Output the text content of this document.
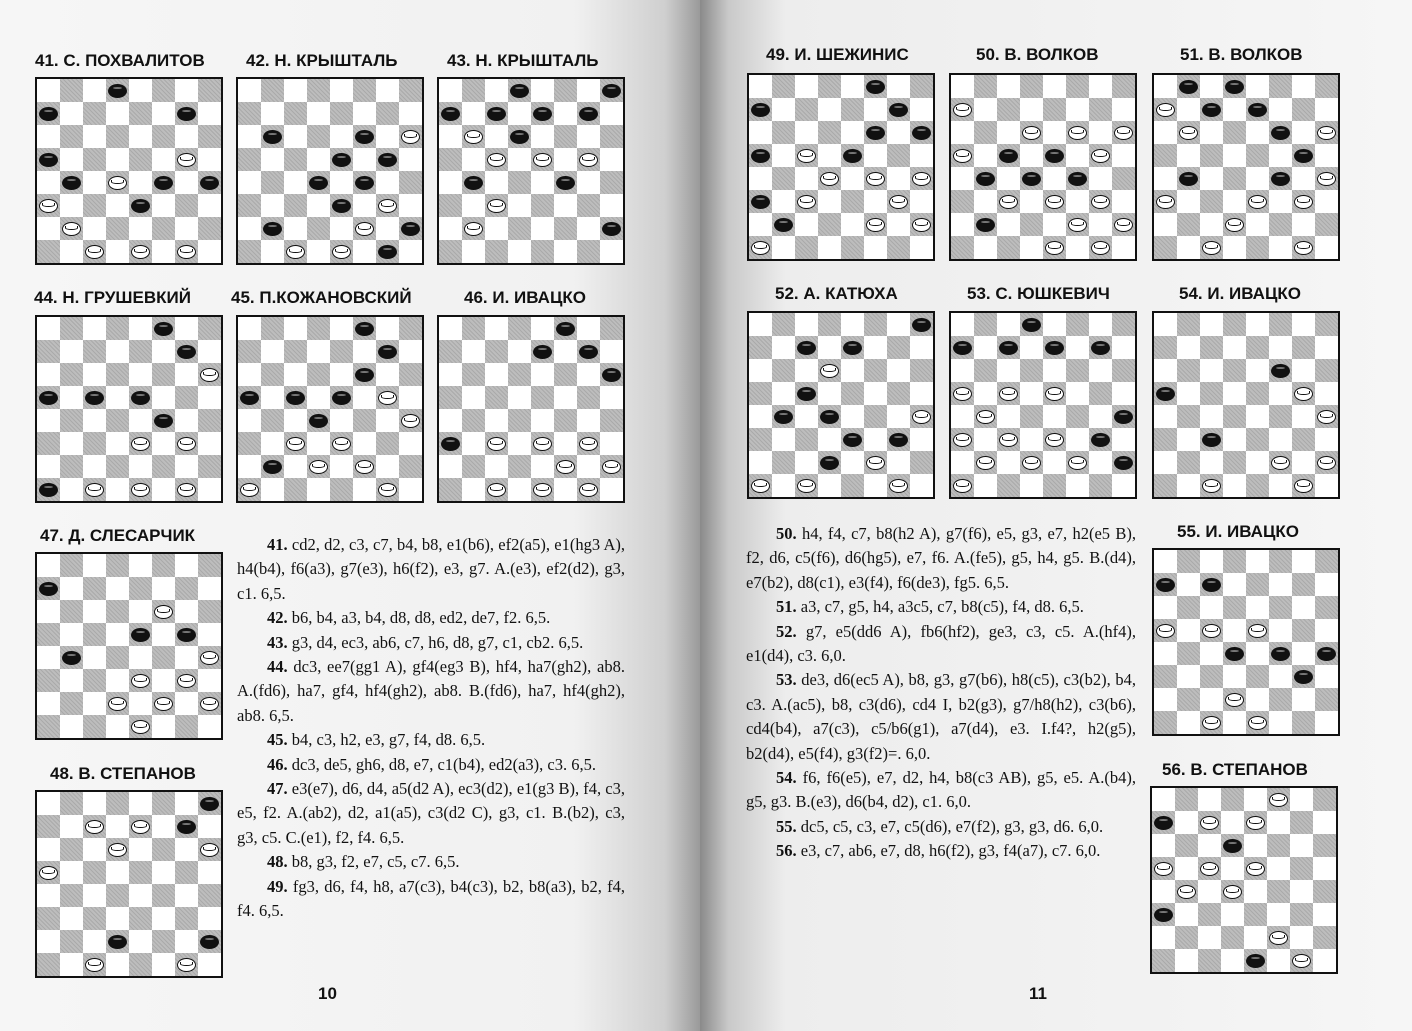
41. С. ПОХВАЛИТОВ 42. Н. КРЫШТАЛЬ	43. Н. КРЫШТАЛЬ
44. Н. ГРУШЕВКИЙ 45. П.КОЖАНОВСКИЙ	46. И. ИВАЦКО
47. Д. СЛЕСАРЧИК
48. В. СТЕПАНОВ

41. cd2, d2, c3, c7, b4, b8, e1(b6), ef2(a5), e1(hg3 A), h4(b4), f6(a3), g7(e3), h6(f2), e3, g7. A.(e3), ef2(d2), g3, c1. 6,5.

42. b6, b4, a3, b4, d8, d8, ed2, de7, f2. 6,5.

43. g3, d4, ec3, ab6, c7, h6, d8, g7, c1, cb2. 6,5.

44. dc3, ee7(gg1 A), gf4(eg3 B), hf4, ha7(gh2), ab8. A.(fd6), ha7, gf4, hf4(gh2), ab8. B.(fd6), ha7, hf4(gh2), ab8. 6,5.

45. b4, c3, h2, e3, g7, f4, d8. 6,5.

46. dc3, de5, gh6, d8, e7, c1(b4), ed2(a3), c3. 6,5.

47. e3(e7), d6, d4, a5(d2 A), ec3(d2), e1(g3 B), f4, c3, e5, f2. A.(ab2), d2, a1(a5), c3(d2 C), g3, c1. B.(b2), c3, g3, c5. C.(e1), f2, f4. 6,5.

48. b8, g3, f2, e7, c5, c7. 6,5.

49. fg3, d6, f4, h8, a7(c3), b4(c3), b2, b8(a3), b2, f4, f4. 6,5.

10
49. И. ШЕЖИНИС	50. В. ВОЛКОВ	51. В. ВОЛКОВ
52. А. КАТЮХА	53. С. ЮШКЕВИЧ	54. И. ИВАЦКО
55. И. ИВАЦКО
56. В. СТЕПАНОВ

50. h4, f4, c7, b8(h2 A), g7(f6), e5, g3, e7, h2(e5 B), f2, d6, c5(f6), d6(hg5), e7, f6. A.(fe5), g5, h4, g5. B.(d4), e7(b2), d8(c1), e3(f4), f6(de3), fg5. 6,5.

51. a3, c7, g5, h4, a3c5, c7, b8(c5), f4, d8. 6,5.

52. g7, e5(dd6 A), fb6(hf2), ge3, c3, c5. A.(hf4), e1(d4), c3. 6,0.

53. de3, d6(ec5 A), b8, g3, g7(b6), h8(c5), c3(b2), b4, c3. A.(ac5), b8, c3(d6), cd4 I, b2(g3), g7/h8(h2), c3(b6), cd4(b4), a7(c3), c5/b6(g1), a7(d4), e3. I.f4?, h2(g5), b2(d4), e5(f4), g3(f2)=. 6,0.

54. f6, f6(e5), e7, d2, h4, b8(c3 AB), g5, e5. A.(b4), g5, g3. B.(e3), d6(b4, d2), c1. 6,0.

55. dc5, c5, c3, e7, c5(d6), e7(f2), g3, g3, d6. 6,0.

56. e3, c7, ab6, e7, d8, h6(f2), g3, f4(a7), c7. 6,0.

11
